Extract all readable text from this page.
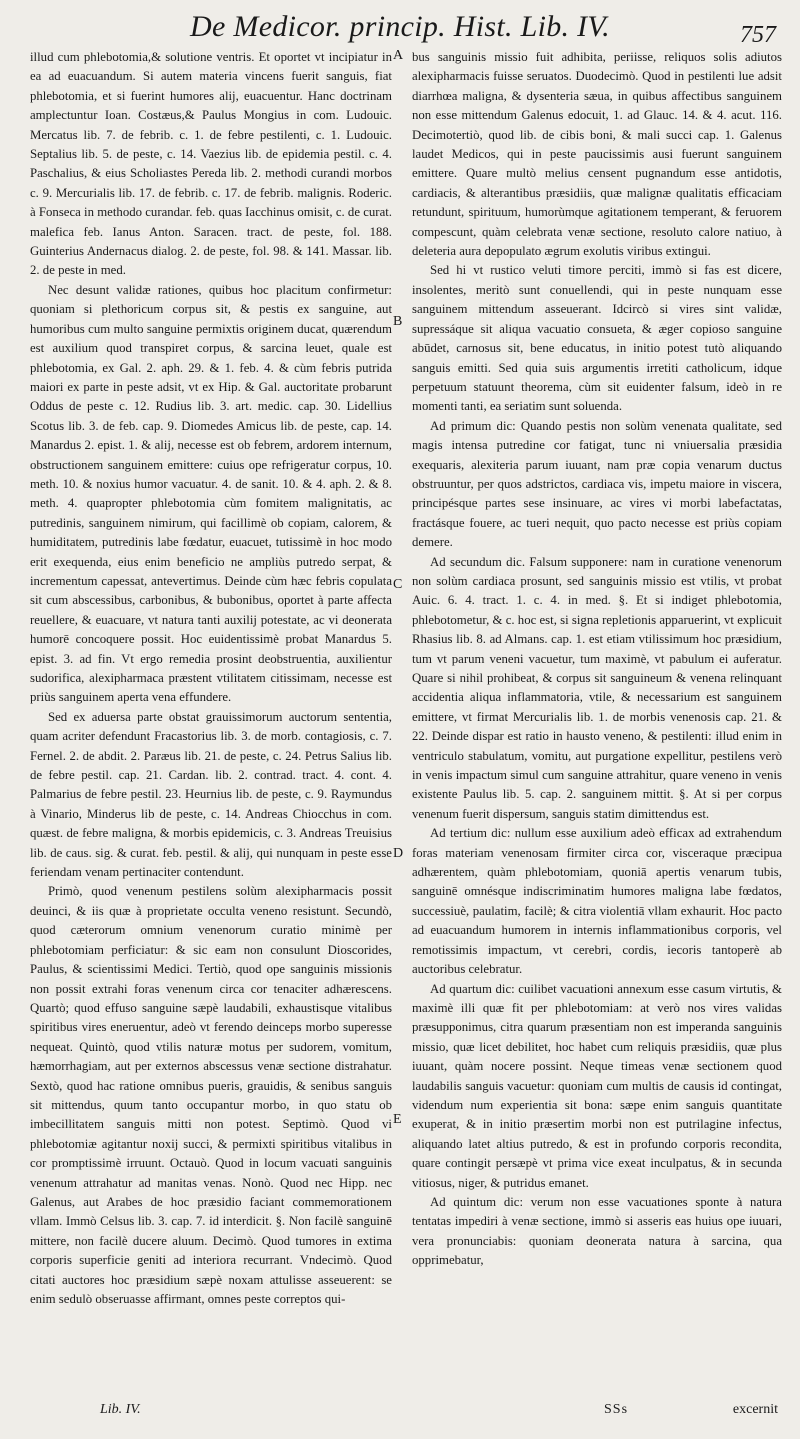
De Medicor. princip. Hist. Lib. IV.	757

illud cum phlebotomia,& solutione ventris. Et oportet vt incipiatur in ea ad euacuandum. Si autem materia vincens fuerit sanguis, fiat phlebotomia, et si fuerint humores alij, euacuentur. Hanc doctrinam amplectuntur Ioan. Costæus,& Paulus Mongius in com. Ludouic. Mercatus lib. 7. de febrib. c. 1. de febre pestilenti, c. 1. Ludouic. Septalius lib. 5. de peste, c. 14. Vaezius lib. de epidemia pestil. c. 4. Paschalius, & eius Scholiastes Pereda lib. 2. methodi curandi morbos c. 9. Mercurialis lib. 17. de febrib. c. 17. de febrib. malignis. Roderic. à Fonseca in methodo curandar. feb. quas Iacchinus omisit, c. de curat. malefica feb. Ianus Anton. Saracen. tract. de peste, fol. 188. Guinterius Andernacus dialog. 2. de peste, fol. 98. & 141. Massar. lib. 2. de peste in med.

Nec desunt validæ rationes, quibus hoc placitum confirmetur: quoniam si plethoricum corpus sit, & pestis ex sanguine, aut humoribus cum multo sanguine permixtis originem ducat, quærendum est auxilium quod transpiret corpus, & sarcina leuet, quale est phlebotomia, ex Gal. 2. aph. 29. & 1. feb. 4. & cùm febris putrida maiori ex parte in peste adsit, vt ex Hip. & Gal. auctoritate probarunt Oddus de peste c. 12. Rudius lib. 3. art. medic. cap. 30. Lidellius Scotus lib. 3. de feb. cap. 9. Diomedes Amicus lib. de peste, cap. 14. Manardus 2. epist. 1. & alij, necesse est ob febrem, ardorem internum, obstructionem sanguinem emittere: cuius ope refrigeratur corpus, 10. meth. 10. & noxius humor vacuatur. 4. de sanit. 10. & 4. aph. 2. & 8. meth. 4. quapropter phlebotomia cùm fomitem malignitatis, ac putredinis, sanguinem nimirum, qui facillimè ob copiam, calorem, & humiditatem, putredinis labe fœdatur, euacuet, tutissimè in hoc modo erit exequenda, eius enim beneficio ne ampliùs putredo serpat, & incrementum capessat, antevertimus. Deinde cùm hæc febris copulata sit cum abscessibus, carbonibus, & bubonibus, oportet à parte affecta reuellere, & euacuare, vt natura tanti auxilij potestate, ac vi deonerata humorē concoquere possit. Hoc euidentissimè probat Manardus 5. epist. 3. ad fin. Vt ergo remedia prosint deobstruentia, auxilientur sudorifica, alexipharmaca præstent vtilitatem citissimam, necesse est priùs sanguinem aperta vena effundere.

Sed ex aduersa parte obstat grauissimorum auctorum sententia, quam acriter defendunt Fracastorius lib. 3. de morb. contagiosis, c. 7. Fernel. 2. de abdit. 2. Paræus lib. 21. de peste, c. 24. Petrus Salius lib. de febre pestil. cap. 21. Cardan. lib. 2. contrad. tract. 4. cont. 4. Palmarius de febre pestil. 23. Heurnius lib. de peste, c. 9. Raymundus à Vinario, Minderus lib de peste, c. 14. Andreas Chiocchus in com. quæst. de febre maligna, & morbis epidemicis, c. 3. Andreas Treuisius lib. de caus. sig. & curat. feb. pestil. & alij, qui nunquam in peste esse feriendam venam pertinaciter contendunt.

Primò, quod venenum pestilens solùm alexipharmacis possit deuinci, & iis quæ à proprietate occulta veneno resistunt. Secundò, quod cæterorum omnium venenorum curatio minimè per phlebotomiam perficiatur: & sic eam non consulunt Dioscorides, Paulus, & scientissimi Medici. Tertiò, quod ope sanguinis missionis non possit extrahi foras venenum circa cor tenaciter adhærescens. Quartò; quod effuso sanguine sæpè laudabili, exhaustisque vitalibus spiritibus vires eneruentur, adeò vt ferendo deinceps morbo superesse nequeat. Quintò, quod vtilis naturæ motus per sudorem, vomitum, hæmorrhagiam, aut per externos abscessus venæ sectione distrahatur. Sextò, quod hac ratione omnibus pueris, grauidis, & senibus sanguis sit mittendus, quum tanto occupantur morbo, in quo statu ob imbecillitatem sanguis mitti non potest. Septimò. Quod vi phlebotomiæ agitantur noxij succi, & permixti spiritibus vitalibus in cor promptissimè irruunt. Octauò. Quod in locum vacuati sanguinis venenum attrahatur ad manitas venas. Nonò. Quod nec Hipp. nec Galenus, aut Arabes de hoc præsidio faciant commemorationem vllam. Immò Celsus lib. 3. cap. 7. id interdicit. §. Non facilè sanguinē mittere, non facilè ducere aluum. Decimò. Quod tumores in extima corporis superficie geniti ad interiora recurrant. Vndecimò. Quod citati auctores hoc præsidium sæpè noxam attulisse asseuerent: se enim sedulò obseruasse affirmant, omnes peste correptos qui-

bus sanguinis missio fuit adhibita, periisse, reliquos solis adiutos alexipharmacis fuisse seruatos. Duodecimò. Quod in pestilenti lue adsit diarrhœa maligna, & dysenteria sæua, in quibus affectibus sanguinem non esse mittendum Galenus edocuit, 1. ad Glauc. 14. & 4. acut. 116. Decimotertiò, quod lib. de cibis boni, & mali succi cap. 1. Galenus laudet Medicos, qui in peste paucissimis ausi fuerunt sanguinem emittere. Quare multò melius censent pugnandum esse antidotis, cardiacis, & alterantibus præsidiis, quæ malignæ qualitatis efficaciam retundunt, spirituum, humorùmque agitationem temperant, & feruorem compescunt, quàm celebrata venæ sectione, resoluto calore natiuo, à deleteria aura depopulato ægrum exolutis viribus extingui.

Sed hi vt rustico veluti timore perciti, immò si fas est dicere, insolentes, meritò sunt conuellendi, qui in peste nunquam esse sanguinem mittendum asseuerant. Idcircò si vires sint validæ, supressáque sit aliqua vacuatio consueta, & æger copioso sanguine abūdet, carnosus sit, bene educatus, in initio potest tutò aliquando sanguis emitti. Sed quia suis argumentis irretiti catholicum, idque perpetuum statuunt theorema, cùm sit euidenter falsum, ideò in re momenti tanti, ea seriatim sunt soluenda.

Ad primum dic: Quando pestis non solùm venenata qualitate, sed magis intensa putredine cor fatigat, tunc ni vniuersalia præsidia exequaris, alexiteria parum iuuant, nam præ copia venarum ductus obstruuntur, per quos adstrictos, cardiaca vis, impetu maiore in viscera, principésque partes sese insinuare, ac vires vi morbi labefactatas, fractásque fouere, ac tueri nequit, quo pacto necesse est priùs copiam demere.

Ad secundum dic. Falsum supponere: nam in curatione venenorum non solùm cardiaca prosunt, sed sanguinis missio est vtilis, vt probat Auic. 6. 4. tract. 1. c. 4. in med. §. Et si indiget phlebotomia, phlebotometur, & c. hoc est, si signa repletionis apparuerint, vt explicuit Rhasius lib. 8. ad Almans. cap. 1. est etiam vtilissimum hoc præsidium, tum vt parum veneni vacuetur, tum maximè, vt pabulum ei auferatur. Quare si nihil prohibeat, & corpus sit sanguineum & venena relinquant accidentia aliqua inflammatoria, vtile, & necessarium est sanguinem emittere, vt firmat Mercurialis lib. 1. de morbis venenosis cap. 21. & 22. Deinde dispar est ratio in hausto veneno, & pestilenti: illud enim in ventriculo stabulatum, vomitu, aut purgatione expellitur, pestilens verò in venis impactum simul cum sanguine attrahitur, quare veneno in venis existente Paulus lib. 5. cap. 2. sanguinem mittit. §. At si per corpus venenum fuerit dispersum, sanguis statim dimittendus est.

Ad tertium dic: nullum esse auxilium adeò efficax ad extrahendum foras materiam venenosam firmiter circa cor, visceraque præcipua adhærentem, quàm phlebotomiam, quoniā apertis venarum tubis, sanguinē omnésque indiscriminatim humores maligna labe fœdatos, successiuè, paulatim, facilè; & citra violentiā vllam exhaurit. Hoc pacto ad euacuandum humorem in internis inflammationibus corporis, vel remotissimis impactum, vt cerebri, cordis, iecoris tantoperè ab auctoribus celebratur.

Ad quartum dic: cuilibet vacuationi annexum esse casum virtutis, & maximè illi quæ fit per phlebotomiam: at verò nos vires validas præsupponimus, citra quarum præsentiam non est imperanda sanguinis missio, quæ licet debilitet, hoc habet cum reliquis præsidiis, quæ plus iuuant, quàm nocere possint. Neque timeas venæ sectionem quod laudabilis sanguis vacuetur: quoniam cum multis de causis id contingat, videndum num experientia sit bona: sæpe enim sanguis quantitate exuperat, & in initio præsertim morbi non est putrilagine infectus, aliquando latet altius putredo, & est in profundo corporis recondita, quare contingit persæpè vt prima vice exeat inculpatus, & in secunda vitiosus, niger, & putridus emanet.

Ad quintum dic: verum non esse vacuationes sponte à natura tentatas impediri à venæ sectione, immò si asseris eas huius ope iuuari, vera pronunciabis: quoniam deonerata natura à sarcina, qua opprimebatur,

A
B
C
D
E
Lib. IV.	SSs	excernit
